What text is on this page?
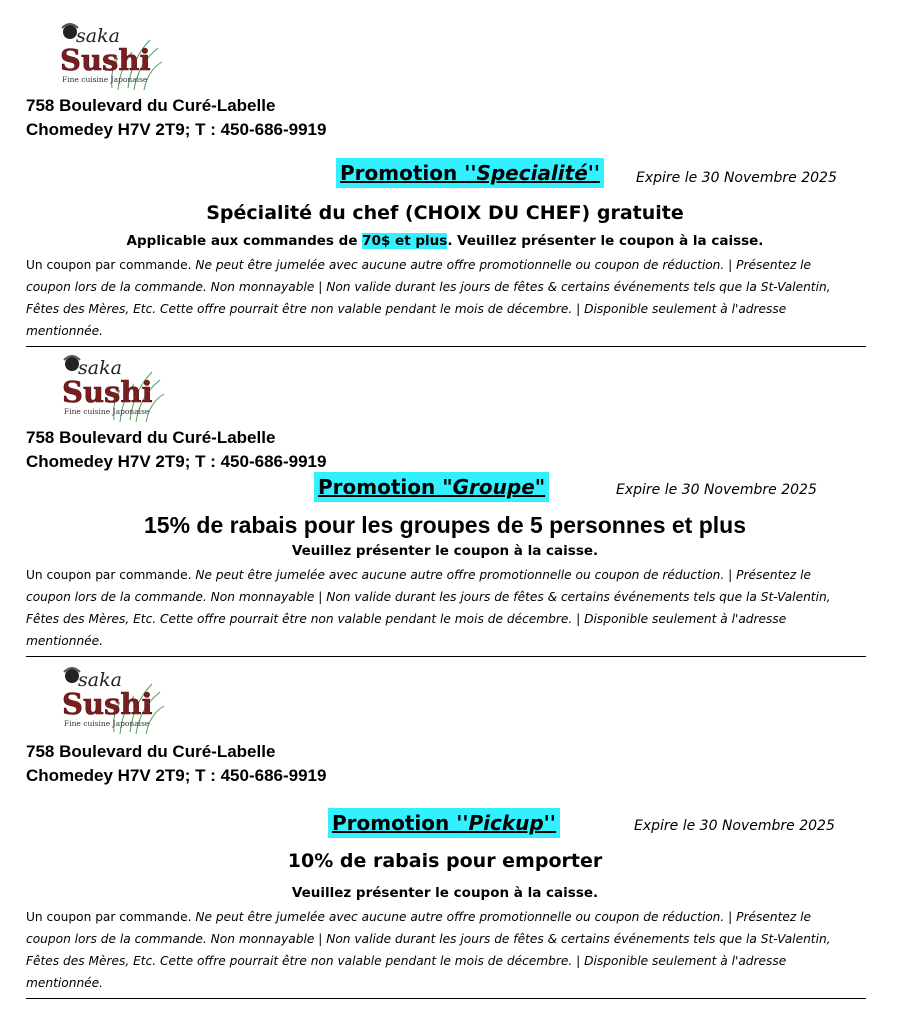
758 Boulevard du Curé-Labelle
Chomedey H7V 2T9; T : 450-686-9919
Promotion ''Specialité''	Expire le 30 Novembre 2025
Spécialité du chef (CHOIX DU CHEF) gratuite
Applicable aux commandes de 70$ et plus. Veuillez présenter le coupon à la caisse.
Un coupon par commande. Ne peut être jumelée avec aucune autre offre promotionnelle ou coupon de réduction. | Présentez le coupon lors de la commande. Non monnayable | Non valide durant les jours de fêtes & certains événements tels que la St-Valentin, Fêtes des Mères, Etc. Cette offre pourrait être non valable pendant le mois de décembre. | Disponible seulement à l'adresse mentionnée.
758 Boulevard du Curé-Labelle
Chomedey H7V 2T9; T : 450-686-9919
Promotion "Groupe"	Expire le 30 Novembre 2025
15% de rabais pour les groupes de 5 personnes et plus
Veuillez présenter le coupon à la caisse.
Un coupon par commande. Ne peut être jumelée avec aucune autre offre promotionnelle ou coupon de réduction. | Présentez le coupon lors de la commande. Non monnayable | Non valide durant les jours de fêtes & certains événements tels que la St-Valentin, Fêtes des Mères, Etc. Cette offre pourrait être non valable pendant le mois de décembre. | Disponible seulement à l'adresse mentionnée.
758 Boulevard du Curé-Labelle
Chomedey H7V 2T9; T : 450-686-9919
Promotion ''Pickup''	Expire le 30 Novembre 2025
10% de rabais pour emporter
Veuillez présenter le coupon à la caisse.
Un coupon par commande. Ne peut être jumelée avec aucune autre offre promotionnelle ou coupon de réduction. | Présentez le coupon lors de la commande. Non monnayable | Non valide durant les jours de fêtes & certains événements tels que la St-Valentin, Fêtes des Mères, Etc. Cette offre pourrait être non valable pendant le mois de décembre. | Disponible seulement à l'adresse mentionnée.
